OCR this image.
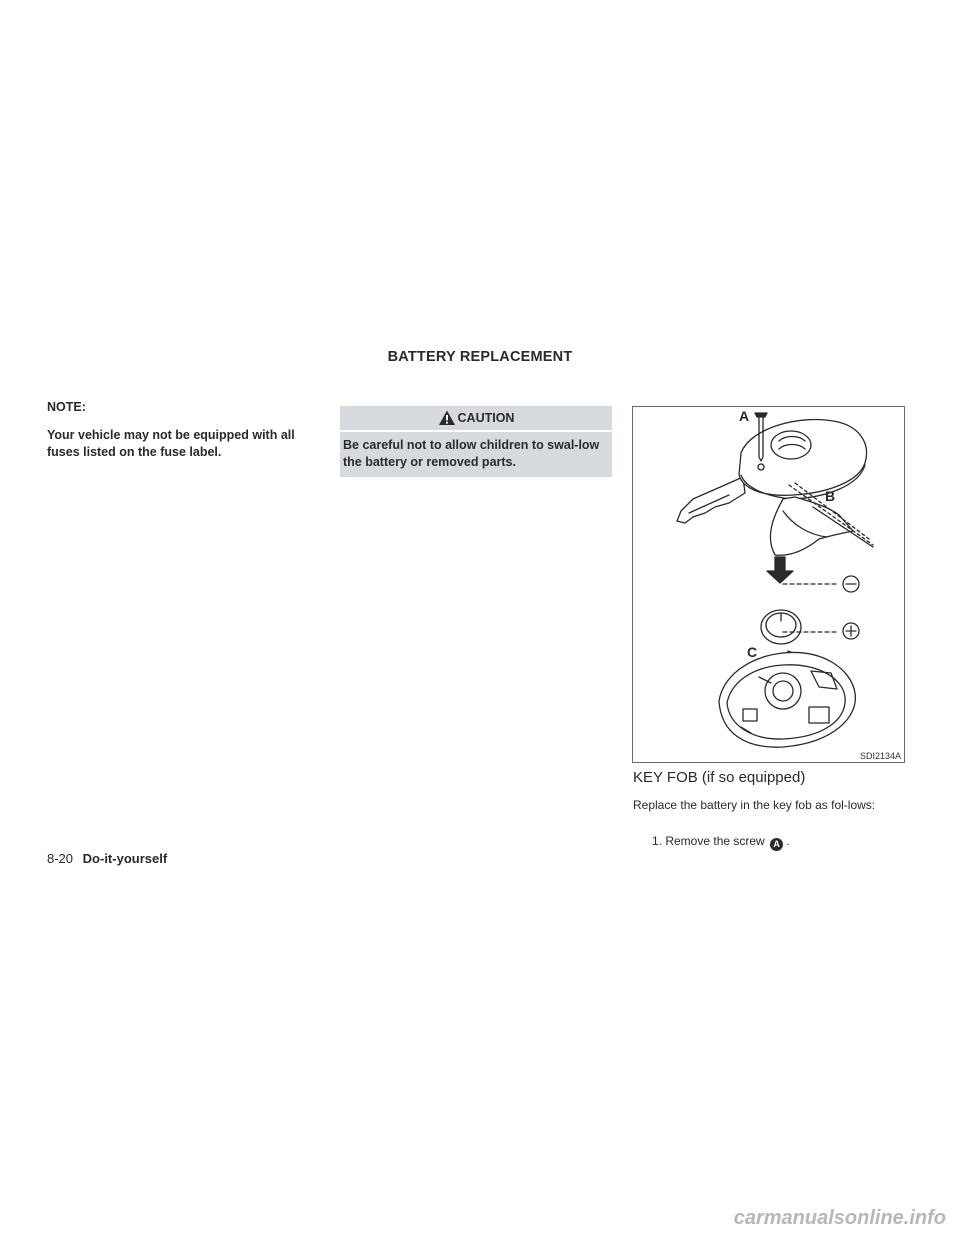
BATTERY REPLACEMENT

NOTE:

Your vehicle may not be equipped with all fuses listed on the fuse label.

CAUTION
Be careful not to allow children to swal-low the battery or removed parts.
A
B
C
SDI2134A
KEY FOB (if so equipped)

Replace the battery in the key fob as fol-lows:

1. Remove the screw A .
8-20 Do-it-yourself
carmanualsonline.info
